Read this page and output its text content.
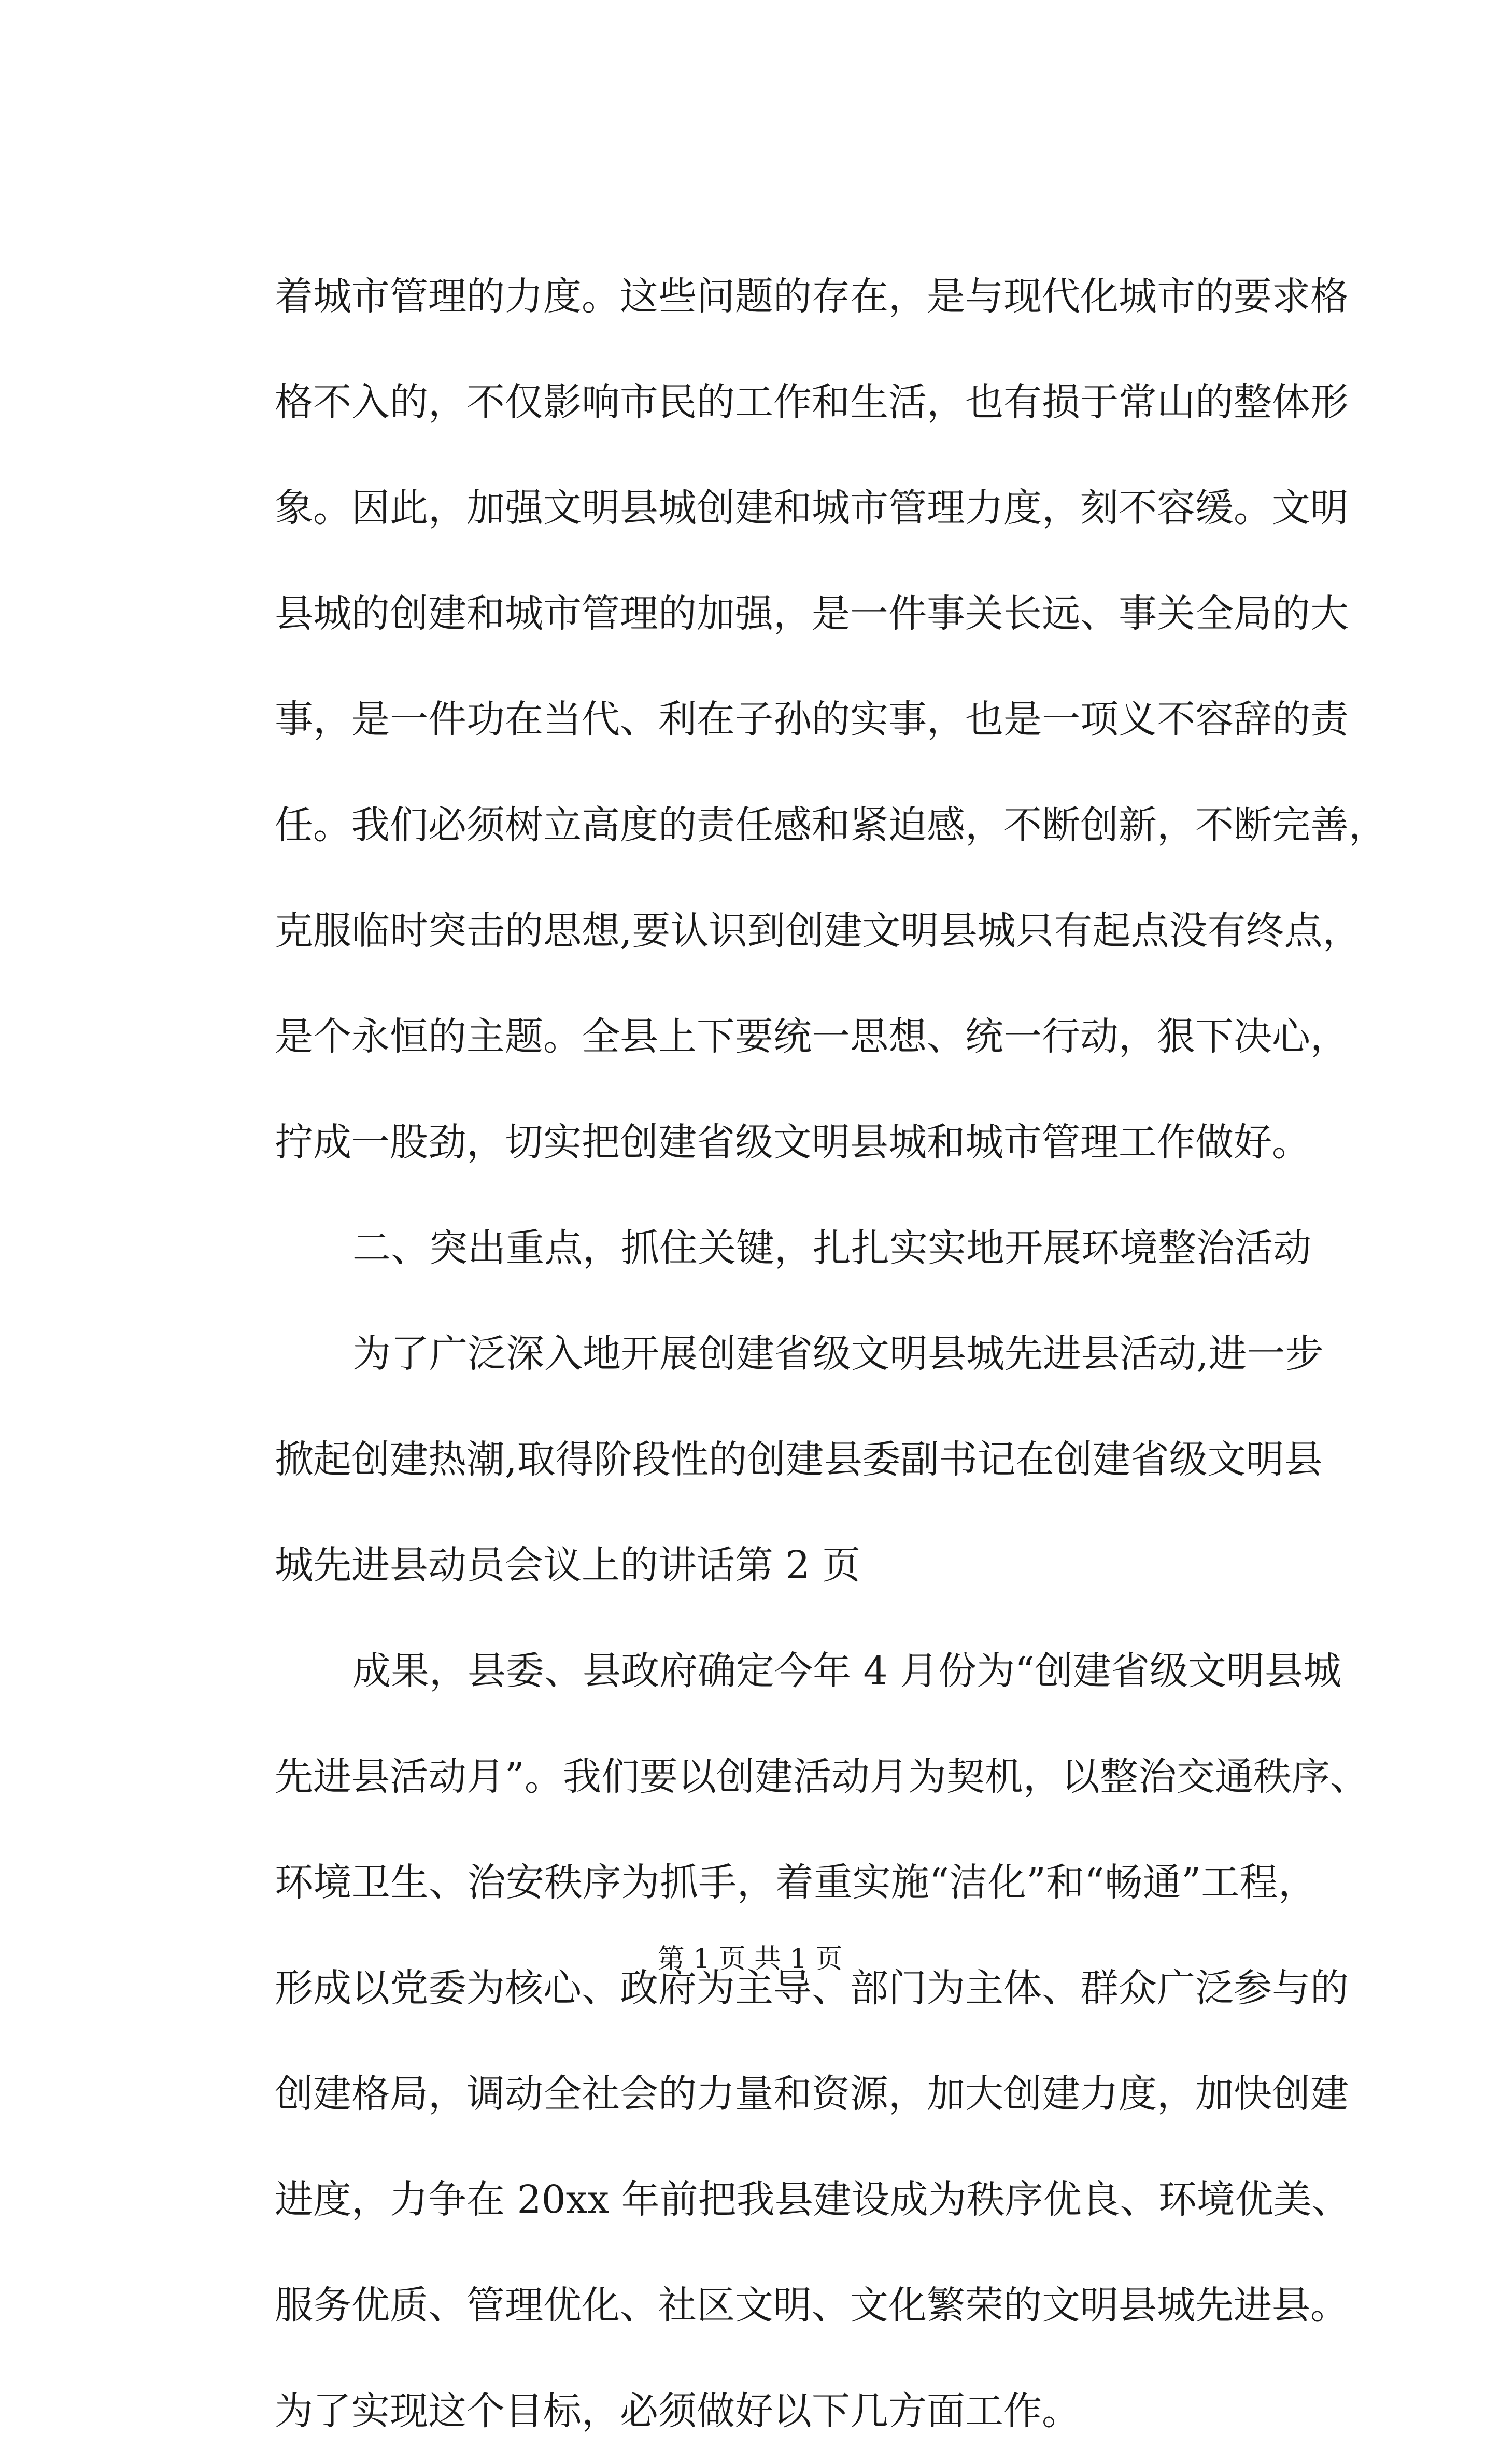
着城市管理的力度。这些问题的存在，是与现代化城市的要求格
格不入的，不仅影响市民的工作和生活，也有损于常山的整体形
象。因此，加强文明县城创建和城市管理力度，刻不容缓。文明
县城的创建和城市管理的加强，是一件事关长远、事关全局的大
事，是一件功在当代、利在子孙的实事，也是一项义不容辞的责
任。我们必须树立高度的责任感和紧迫感，不断创新，不断完善，
克服临时突击的思想,要认识到创建文明县城只有起点没有终点，
是个永恒的主题。全县上下要统一思想、统一行动，狠下决心，
拧成一股劲，切实把创建省级文明县城和城市管理工作做好。
二、突出重点，抓住关键，扎扎实实地开展环境整治活动
为了广泛深入地开展创建省级文明县城先进县活动,进一步
掀起创建热潮,取得阶段性的创建县委副书记在创建省级文明县
城先进县动员会议上的讲话第 2 页
成果，县委、县政府确定今年 4 月份为“创建省级文明县城
先进县活动月”。我们要以创建活动月为契机，以整治交通秩序、
环境卫生、治安秩序为抓手，着重实施“洁化”和“畅通”工程，
形成以党委为核心、政府为主导、部门为主体、群众广泛参与的
创建格局，调动全社会的力量和资源，加大创建力度，加快创建
进度，力争在 20xx 年前把我县建设成为秩序优良、环境优美、
服务优质、管理优化、社区文明、文化繁荣的文明县城先进县。
为了实现这个目标，必须做好以下几方面工作。
第 1 页 共 1 页
